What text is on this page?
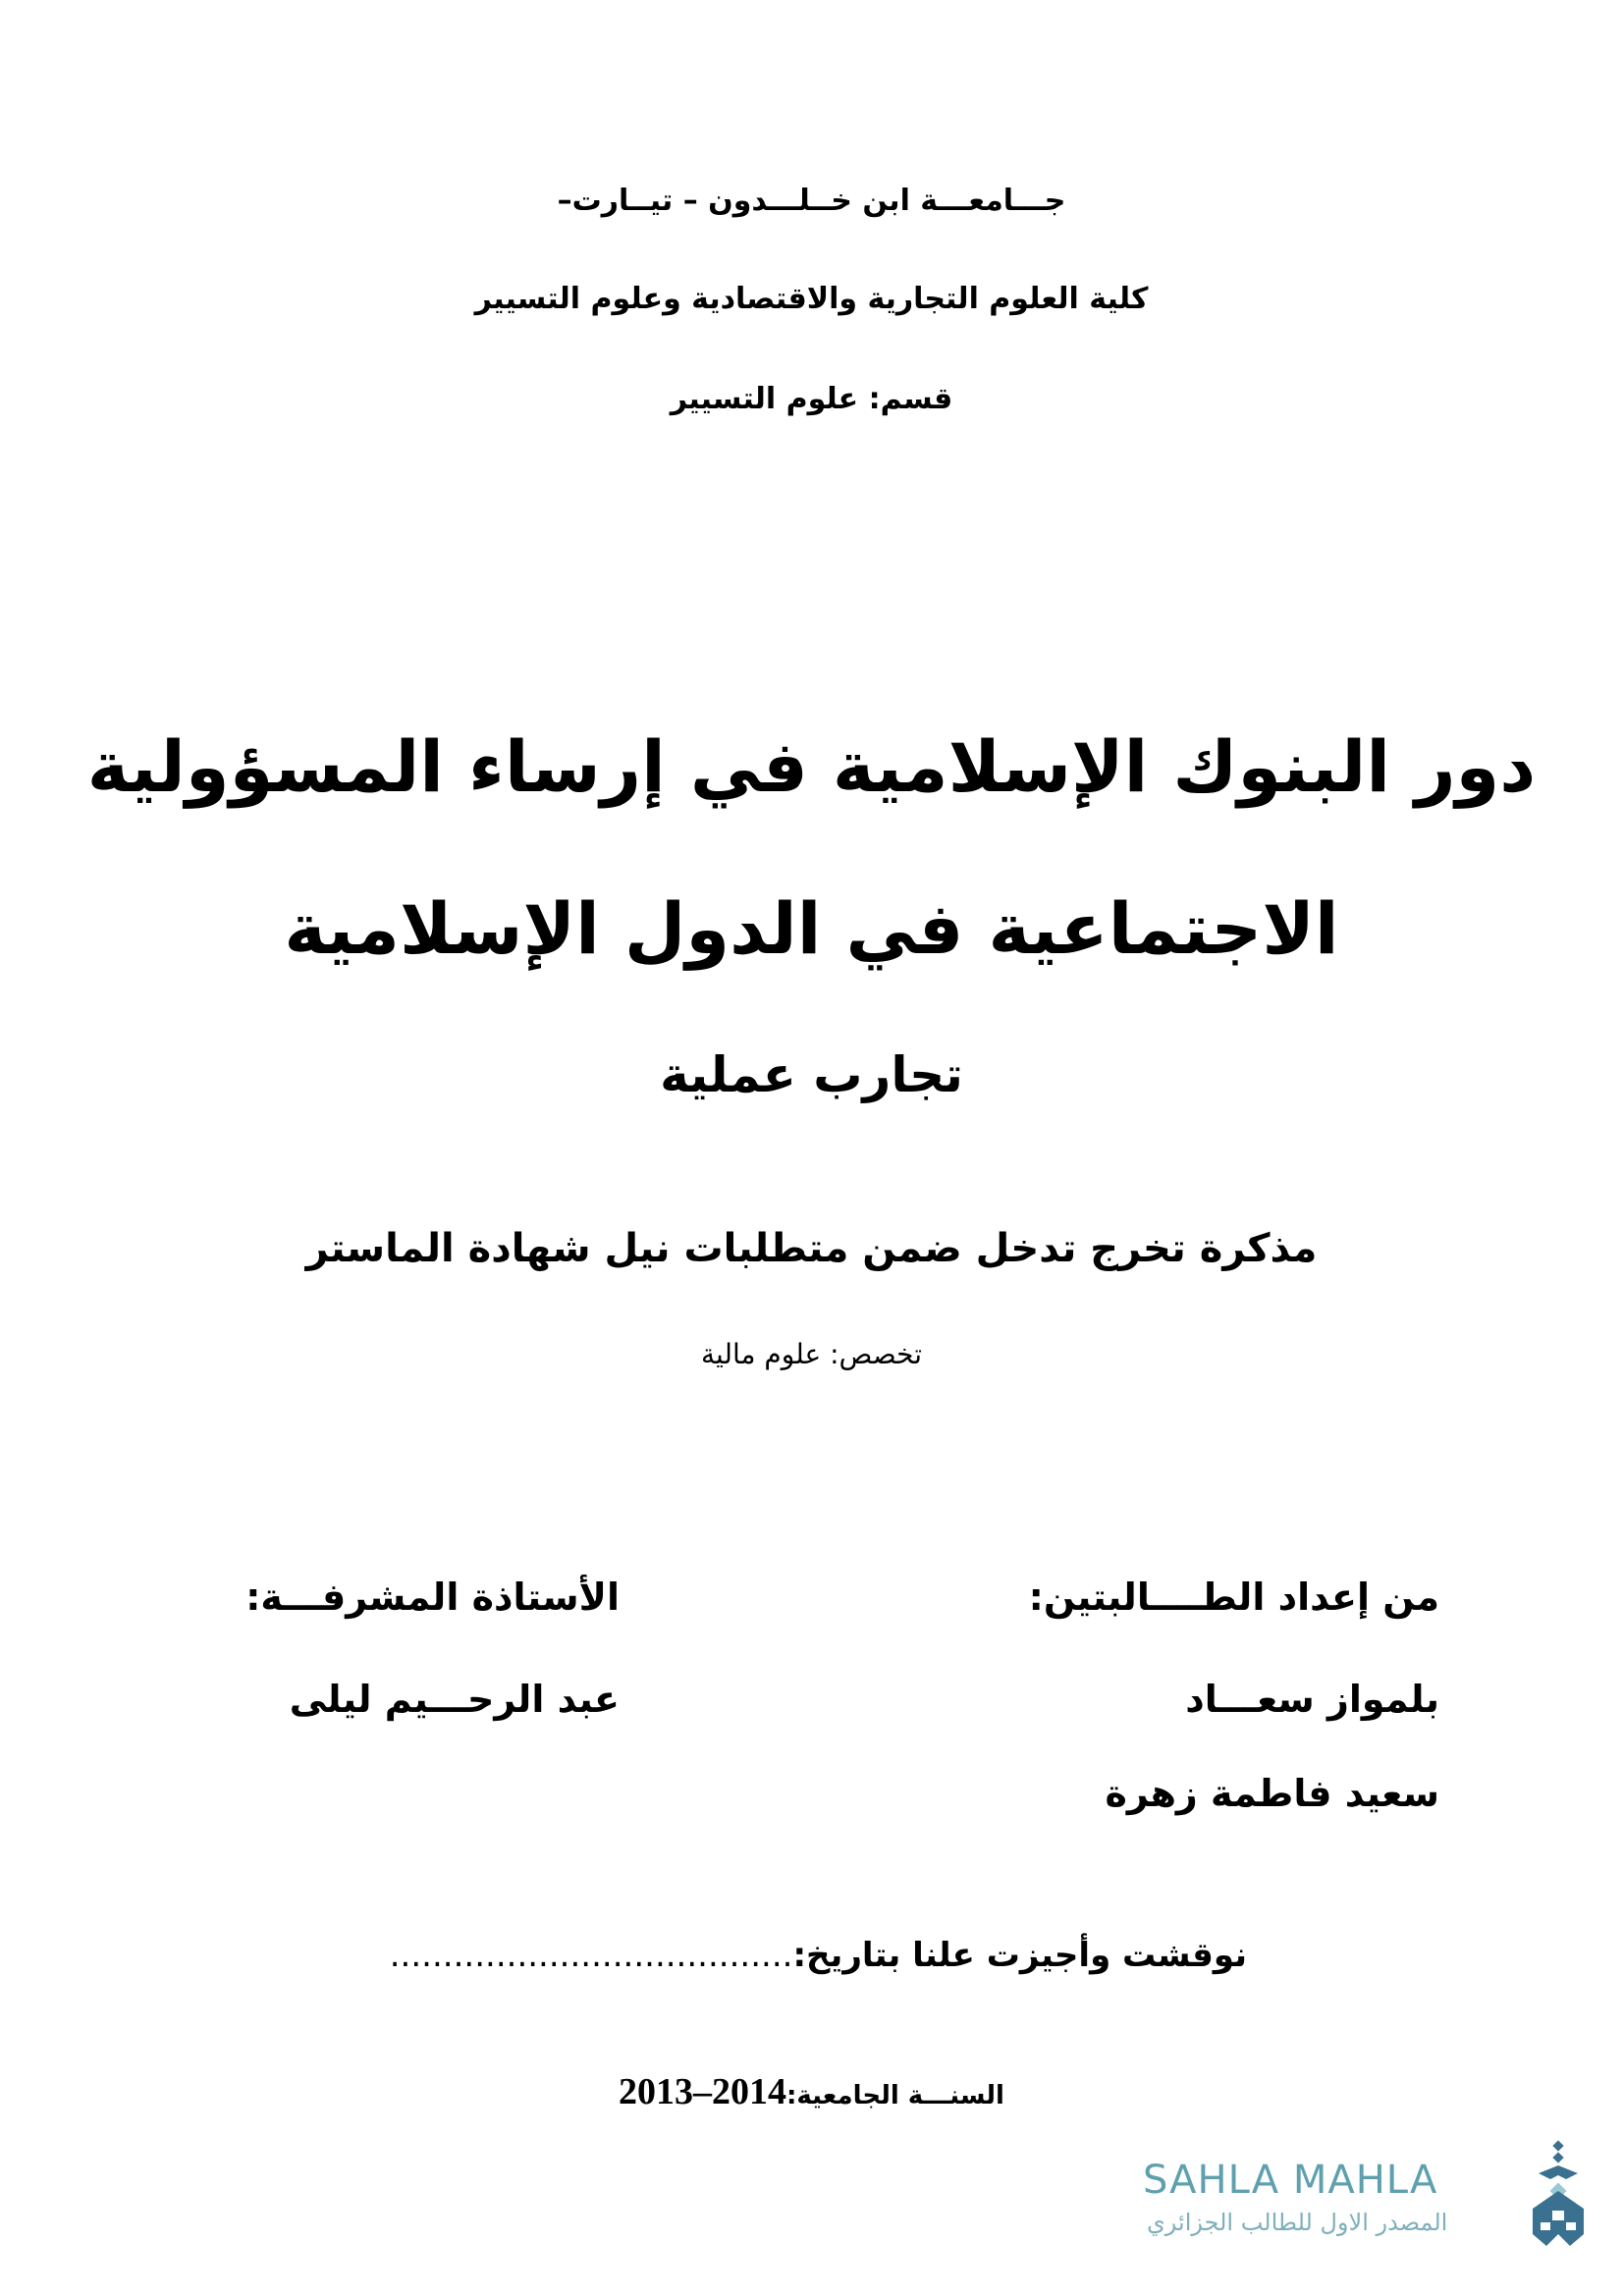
جـــامعـــة ابن خــلـــدون – تيــارت–
كلية العلوم التجارية والاقتصادية وعلوم التسيير
قسم: علوم التسيير
دور البنوك الإسلامية في إرساء المسؤولية
الاجتماعية في الدول الإسلامية
تجارب عملية
مذكرة تخرج تدخل ضمن متطلبات نيل شهادة الماستر
تخصص: علوم مالية
من إعداد الطــــالبتين:
بلمواز سعـــاد
سعيد فاطمة زهرة
الأستاذة المشرفـــة:
عبد الرحـــيم ليلى
نوقشت وأجيزت علنا بتاريخ:......................................
السنـــة الجامعية:2013–2014
SAHLA MAHLA
المصدر الاول للطالب الجزائري
